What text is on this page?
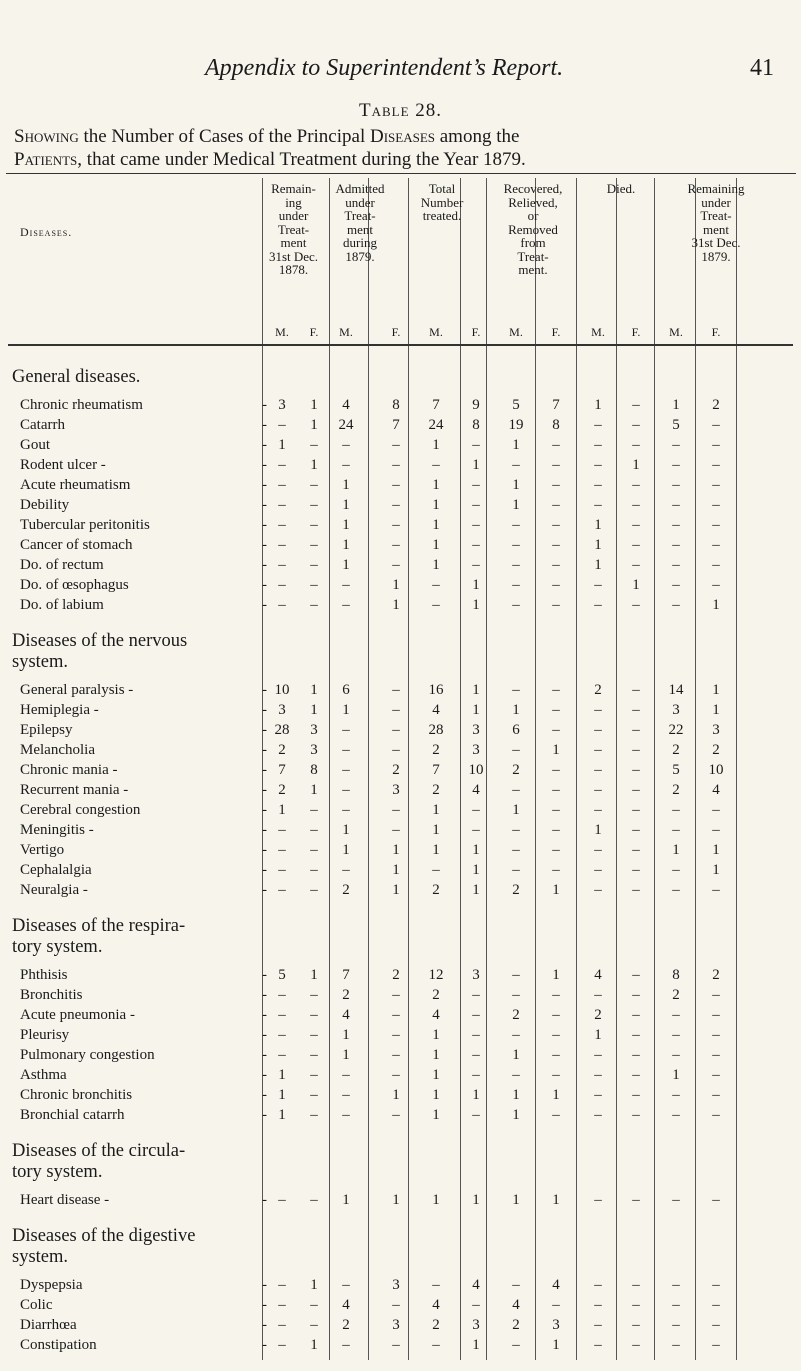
Appendix to Superintendent’s Report.	41
Table 28.
Showing the Number of Cases of the Principal Diseases among the
Patients, that came under Medical Treatment during the Year 1879.
Diseases.
Remain-
ing
under
Treat-
ment
31st Dec.
1878.
Admitted
under
Treat-
ment
during
1879.
Total
Number
treated.
Recovered,
Relieved,
or
Removed
from
Treat-
ment.
Died.	Remaining
under
Treat-
ment
31st Dec.
1879.
M.	F.	M.	F.	M.	F.	M.	F.	M.	F.	M.	F.
General diseases.
Chronic rheumatism	- 3	1	4	8	7	9	5	7	1	–	1	2
Catarrh	- –	1	24	7	24	8	19	8	–	–	5	–
Gout	- 1	–	–	–	1	–	1	–	–	–	–	–
Rodent ulcer -	- –	1	–	–	–	1	–	–	–	1	–	–
Acute rheumatism	- –	–	1	–	1	–	1	–	–	–	–	–
Debility	- –	–	1	–	1	–	1	–	–	–	–	–
Tubercular peritonitis	- –	–	1	–	1	–	–	–	1	–	–	–
Cancer of stomach	- –	–	1	–	1	–	–	–	1	–	–	–
Do. of rectum	- –	–	1	–	1	–	–	–	1	–	–	–
Do. of œsophagus	- –	–	–	1	–	1	–	–	–	1	–	–
Do. of labium	- –	–	–	1	–	1	–	–	–	–	–	1
Diseases of the nervous
system.
General paralysis -	- 10	1	6	–	16	1	–	–	2	–	14	1
Hemiplegia -	- 3	1	1	–	4	1	1	–	–	–	3	1
Epilepsy	- 28	3	–	–	28	3	6	–	–	–	22	3
Melancholia	- 2	3	–	–	2	3	–	1	–	–	2	2
Chronic mania -	- 7	8	–	2	7	10	2	–	–	–	5	10
Recurrent mania -	- 2	1	–	3	2	4	–	–	–	–	2	4
Cerebral congestion	- 1	–	–	–	1	–	1	–	–	–	–	–
Meningitis -	- –	–	1	–	1	–	–	–	1	–	–	–
Vertigo	- –	–	1	1	1	1	–	–	–	–	1	1
Cephalalgia	- –	–	–	1	–	1	–	–	–	–	–	1
Neuralgia -	- –	–	2	1	2	1	2	1	–	–	–	–
Diseases of the respira-
tory system.
Phthisis	- 5	1	7	2	12	3	–	1	4	–	8	2
Bronchitis	- –	–	2	–	2	–	–	–	–	–	2	–
Acute pneumonia -	- –	–	4	–	4	–	2	–	2	–	–	–
Pleurisy	- –	–	1	–	1	–	–	–	1	–	–	–
Pulmonary congestion	- –	–	1	–	1	–	1	–	–	–	–	–
Asthma	- 1	–	–	–	1	–	–	–	–	–	1	–
Chronic bronchitis	- 1	–	–	1	1	1	1	1	–	–	–	–
Bronchial catarrh	- 1	–	–	–	1	–	1	–	–	–	–	–
Diseases of the circula-
tory system.
Heart disease -	- –	–	1	1	1	1	1	1	–	–	–	–
Diseases of the digestive
system.
Dyspepsia	- –	1	–	3	–	4	–	4	–	–	–	–
Colic	- –	–	4	–	4	–	4	–	–	–	–	–
Diarrhœa	- –	–	2	3	2	3	2	3	–	–	–	–
Constipation	- –	1	–	–	–	1	–	1	–	–	–	–
